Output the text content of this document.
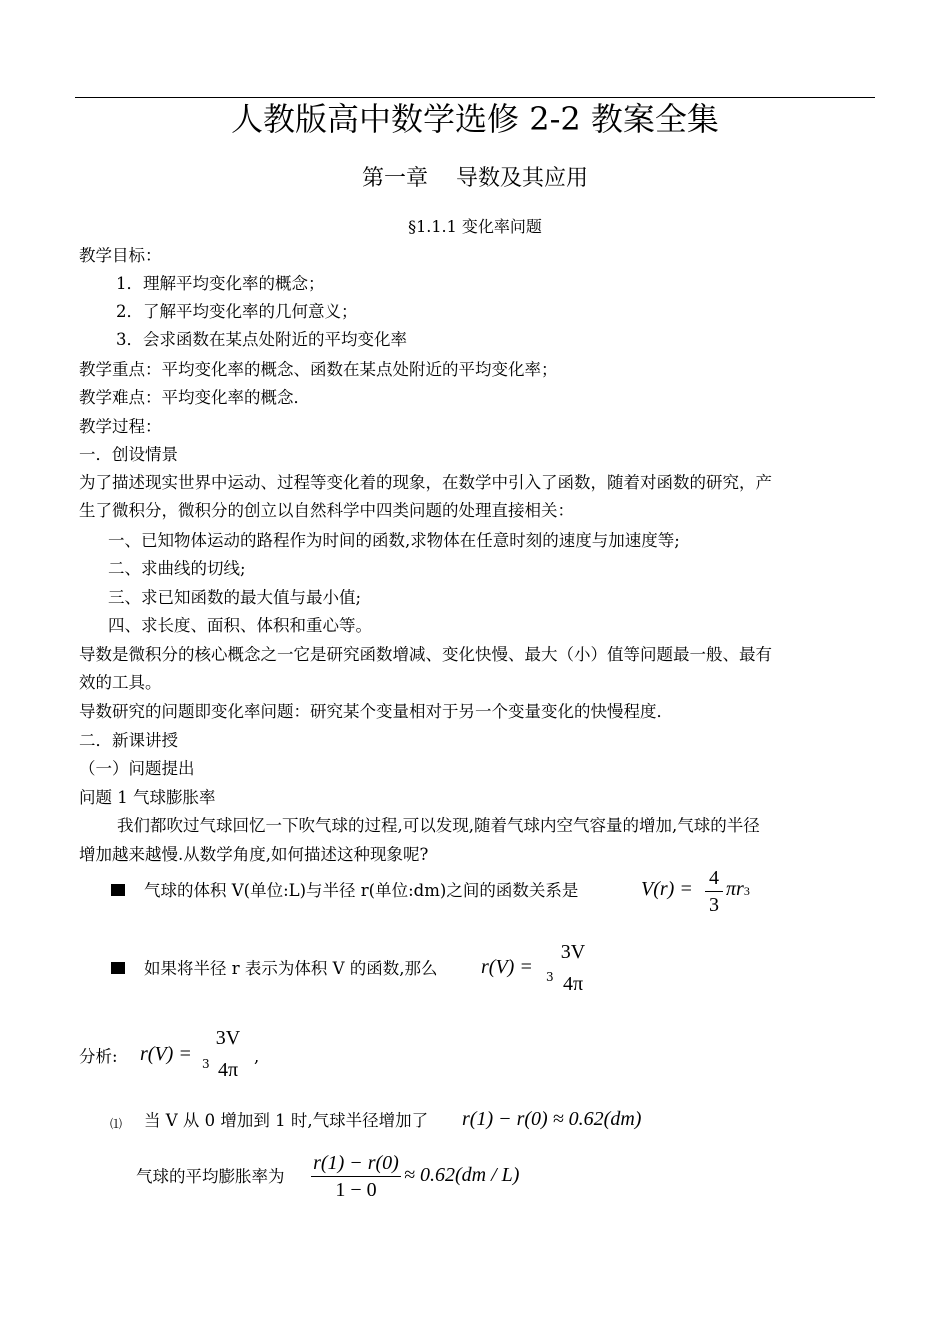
人教版高中数学选修 2-2 教案全集
第一章 导数及其应用
§1.1.1 变化率问题
教学目标：
1．理解平均变化率的概念；
2．了解平均变化率的几何意义；
3．会求函数在某点处附近的平均变化率
教学重点：平均变化率的概念、函数在某点处附近的平均变化率；
教学难点：平均变化率的概念．
教学过程：
一．创设情景
为了描述现实世界中运动、过程等变化着的现象，在数学中引入了函数，随着对函数的研究，产
生了微积分，微积分的创立以自然科学中四类问题的处理直接相关：
一、已知物体运动的路程作为时间的函数,求物体在任意时刻的速度与加速度等;
二、求曲线的切线;
三、求已知函数的最大值与最小值;
四、求长度、面积、体积和重心等。
导数是微积分的核心概念之一它是研究函数增减、变化快慢、最大（小）值等问题最一般、最有
效的工具。
导数研究的问题即变化率问题：研究某个变量相对于另一个变量变化的快慢程度．
二．新课讲授
（一）问题提出
问题 1 气球膨胀率
我们都吹过气球回忆一下吹气球的过程,可以发现,随着气球内空气容量的增加,气球的半径
增加越来越慢.从数学角度,如何描述这种现象呢?
气球的体积 V(单位:L)与半径 r(单位:dm)之间的函数关系是	V(r) = 4
3
πr3
如果将半径 r 表示为体积 V 的函数,那么 r(V) = 3
3V
4π
分析: r(V) = 3
3V
4π
,
⑴ 当 V 从 0 增加到 1 时,气球半径增加了 r(1) − r(0) ≈ 0.62(dm)
气球的平均膨胀率为
r(1) − r(0)
1 − 0
≈ 0.62(dm / L)
